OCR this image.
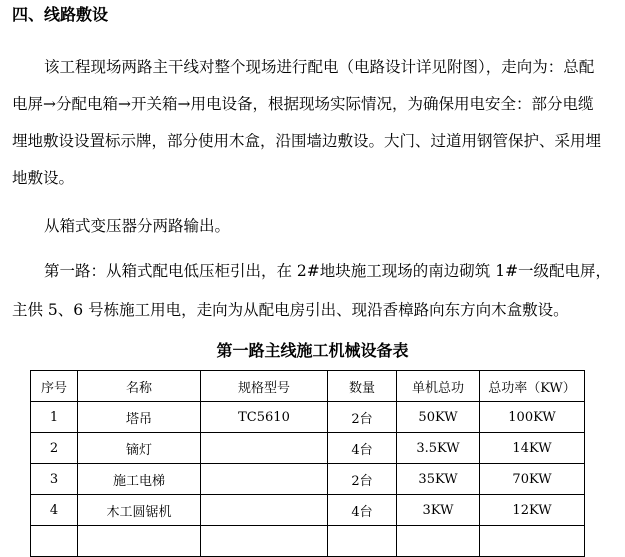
四、线路敷设
该工程现场两路主干线对整个现场进行配电（电路设计详见附图），走向为：总配
电屏→分配电箱→开关箱→用电设备，根据现场实际情况，为确保用电安全：部分电缆
埋地敷设设置标示牌，部分使用木盒，沿围墙边敷设。大门、过道用钢管保护、采用埋
地敷设。
从箱式变压器分两路输出。
第一路：从箱式配电低压柜引出，在 2#地块施工现场的南边砌筑 1#一级配电屏，
主供 5、6 号栋施工用电，走向为从配电房引出、现沿香樟路向东方向木盒敷设。
第一路主线施工机械设备表
序号	名称	规格型号	数量	单机总功	总功率（KW）
1	塔吊	TC5610	2台	50KW	100KW
2	镝灯		4台	3.5KW	14KW
3	施工电梯		2台	35KW	70KW
4	木工圆锯机		4台	3KW	12KW
